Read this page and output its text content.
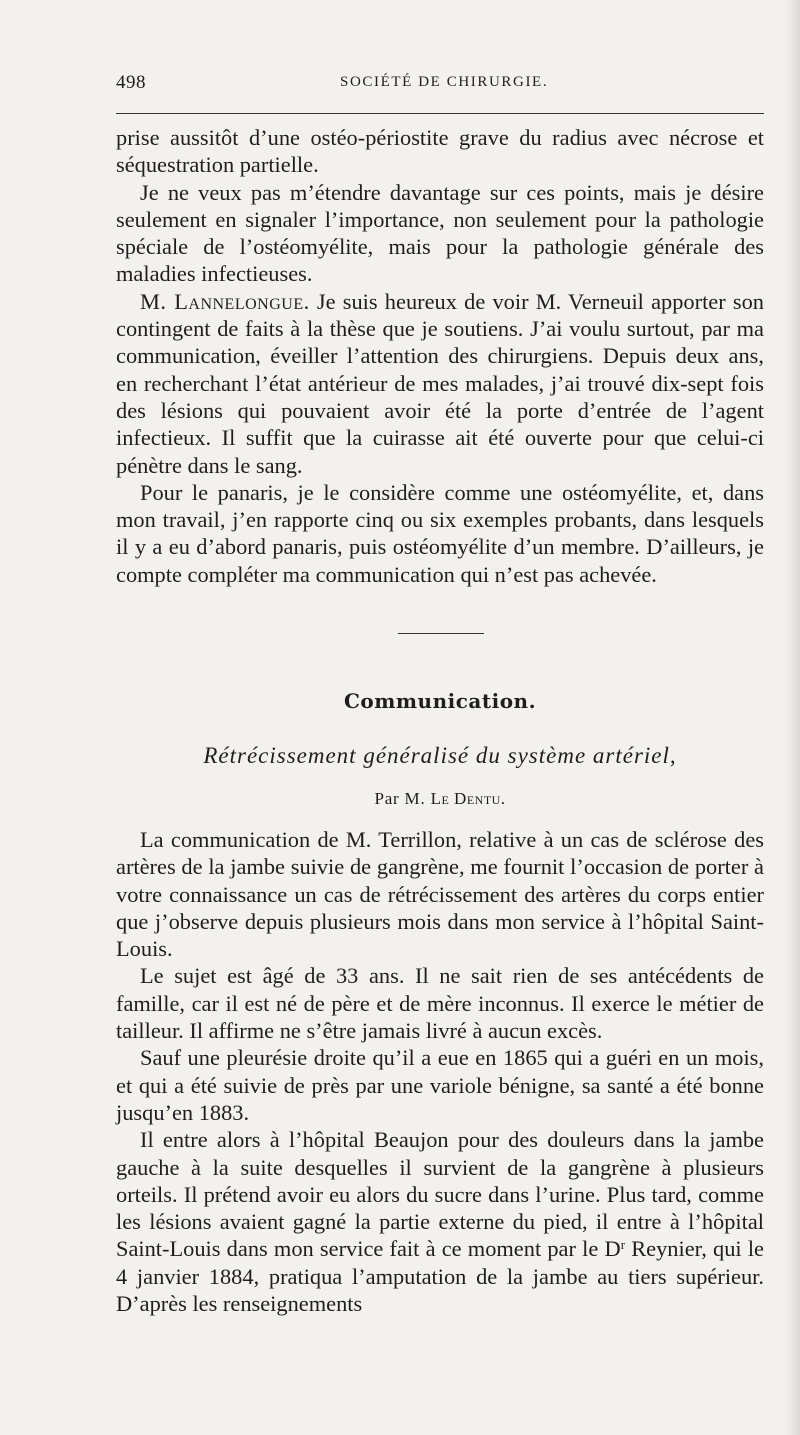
498	SOCIÉTÉ DE CHIRURGIE.

prise aussitôt d’une ostéo-périostite grave du radius avec nécrose et séquestration partielle.

Je ne veux pas m’étendre davantage sur ces points, mais je désire seulement en signaler l’importance, non seulement pour la pathologie spéciale de l’ostéomyélite, mais pour la pathologie générale des maladies infectieuses.

M. Lannelongue. Je suis heureux de voir M. Verneuil apporter son contingent de faits à la thèse que je soutiens. J’ai voulu surtout, par ma communication, éveiller l’attention des chirurgiens. Depuis deux ans, en recherchant l’état antérieur de mes malades, j’ai trouvé dix-sept fois des lésions qui pouvaient avoir été la porte d’entrée de l’agent infectieux. Il suffit que la cuirasse ait été ouverte pour que celui-ci pénètre dans le sang.

Pour le panaris, je le considère comme une ostéomyélite, et, dans mon travail, j’en rapporte cinq ou six exemples probants, dans lesquels il y a eu d’abord panaris, puis ostéomyélite d’un membre. D’ailleurs, je compte compléter ma communication qui n’est pas achevée.

Communication.
Rétrécissement généralisé du système artériel,
Par M. Le Dentu.

La communication de M. Terrillon, relative à un cas de sclérose des artères de la jambe suivie de gangrène, me fournit l’occasion de porter à votre connaissance un cas de rétrécissement des artères du corps entier que j’observe depuis plusieurs mois dans mon service à l’hôpital Saint-Louis.

Le sujet est âgé de 33 ans. Il ne sait rien de ses antécédents de famille, car il est né de père et de mère inconnus. Il exerce le métier de tailleur. Il affirme ne s’être jamais livré à aucun excès.

Sauf une pleurésie droite qu’il a eue en 1865 qui a guéri en un mois, et qui a été suivie de près par une variole bénigne, sa santé a été bonne jusqu’en 1883.

Il entre alors à l’hôpital Beaujon pour des douleurs dans la jambe gauche à la suite desquelles il survient de la gangrène à plusieurs orteils. Il prétend avoir eu alors du sucre dans l’urine. Plus tard, comme les lésions avaient gagné la partie externe du pied, il entre à l’hôpital Saint-Louis dans mon service fait à ce moment par le $D^r$ Reynier, qui le 4 janvier 1884, pratiqua l’amputation de la jambe au tiers supérieur. D’après les renseignements
